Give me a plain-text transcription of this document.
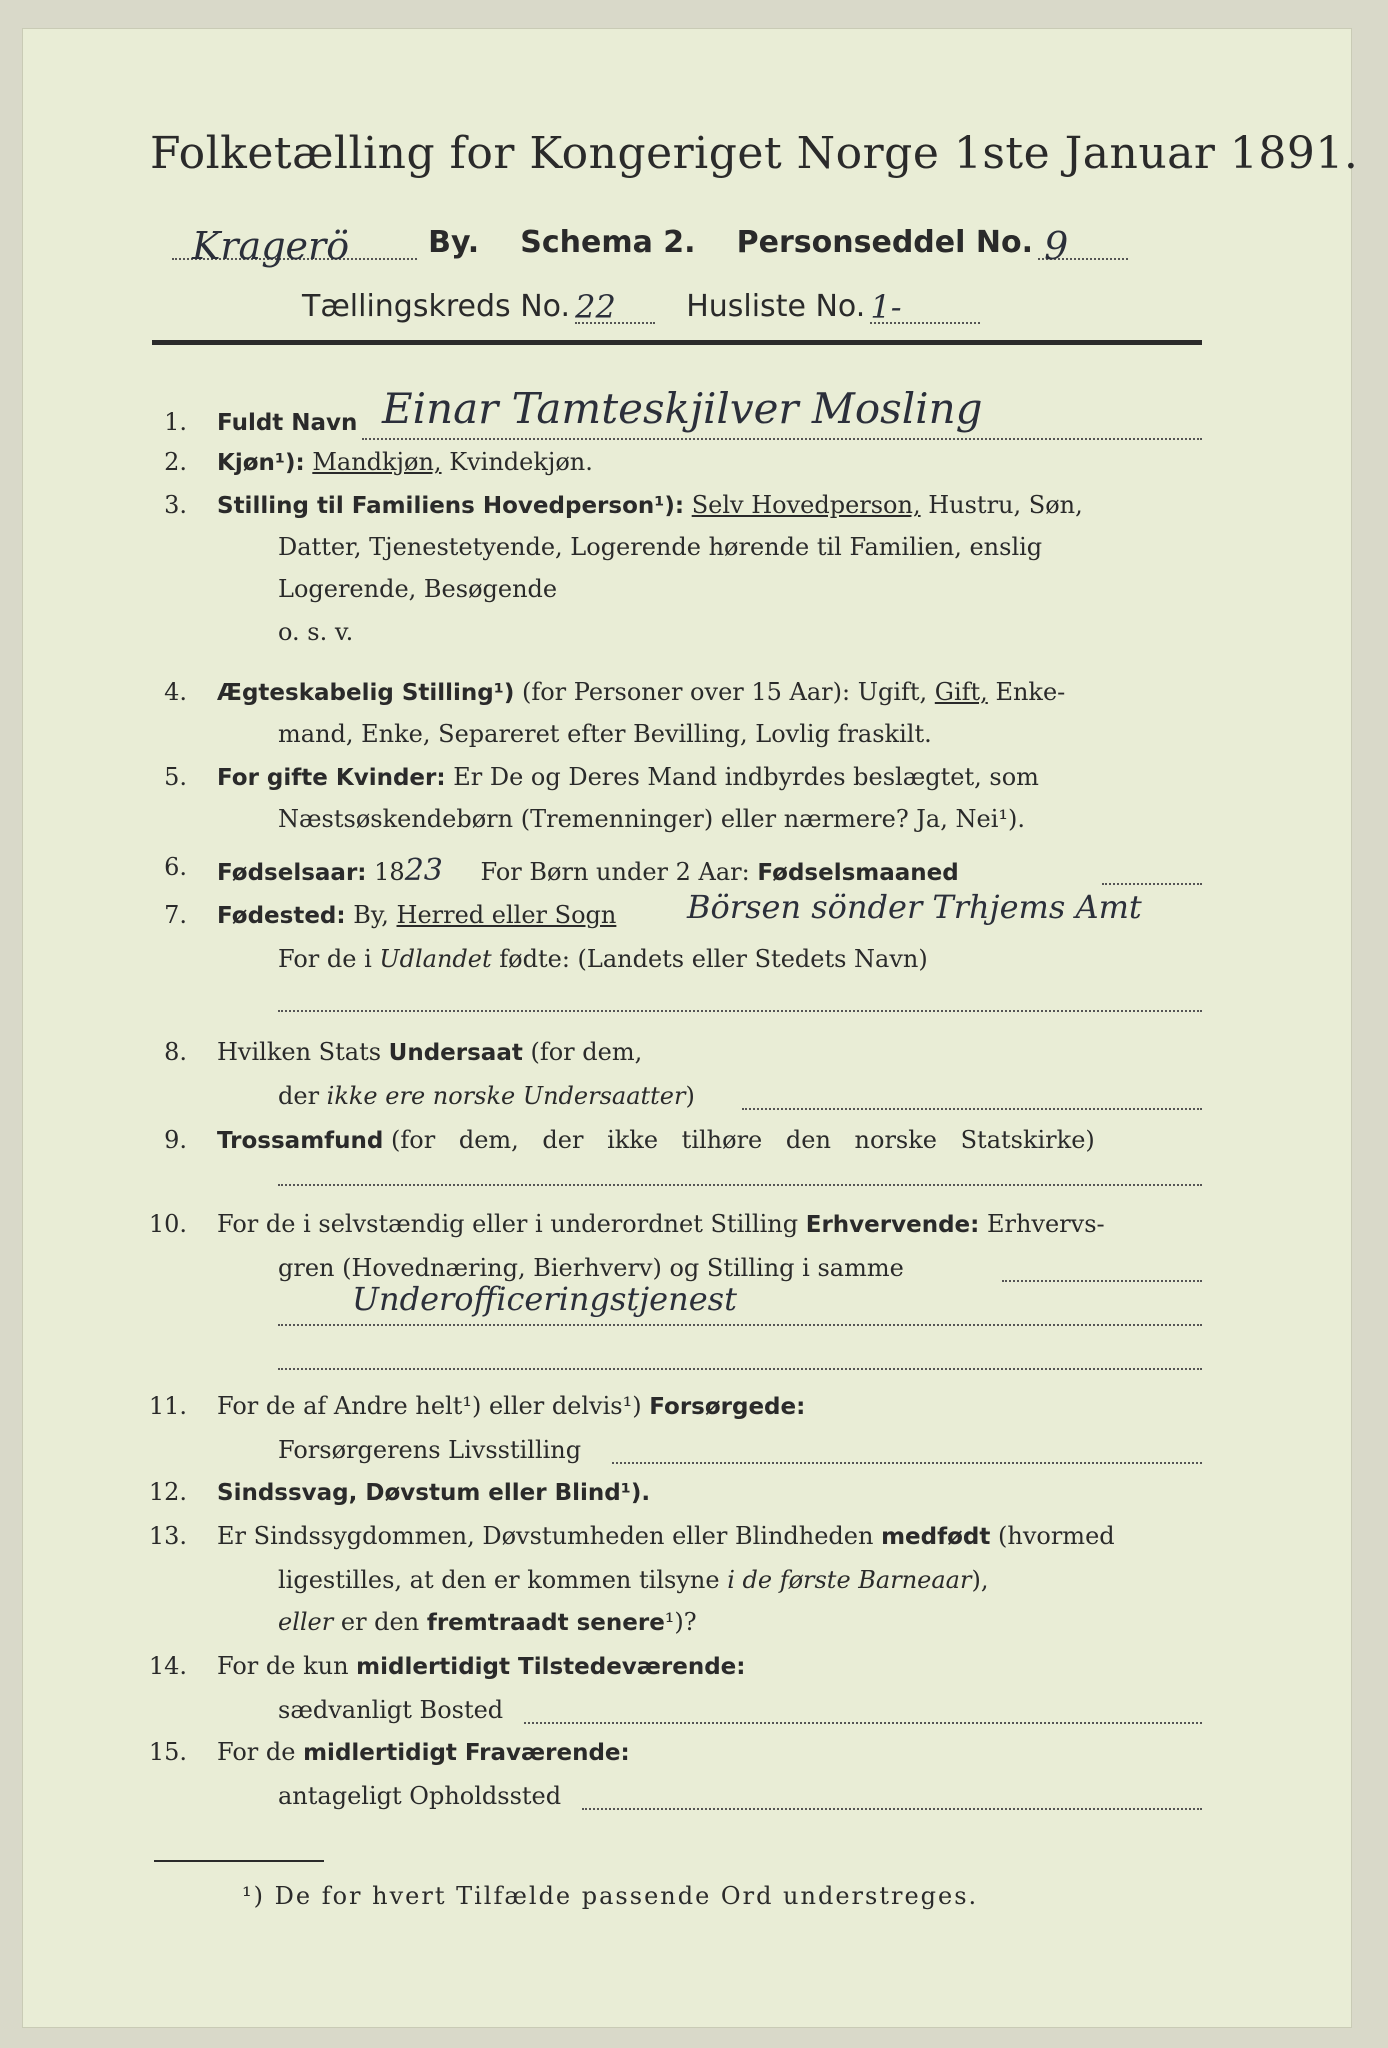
Folketælling for Kongeriget Norge 1ste Januar 1891.
Kragerö	By. Schema 2. Personseddel No. 9
Tællingskreds No. 22 Husliste No. 1-
1. Fuldt Navn Einar Tamteskjilver Mosling
2. Kjøn¹): Mandkjøn, Kvindekjøn.
3. Stilling til Familiens Hovedperson¹): Selv Hovedperson, Hustru, Søn,
Datter, Tjenestetyende, Logerende hørende til Familien, enslig
Logerende, Besøgende
o. s. v.
4. Ægteskabelig Stilling¹) (for Personer over 15 Aar): Ugift, Gift, Enke-
mand, Enke, Separeret efter Bevilling, Lovlig fraskilt.
5. For gifte Kvinder: Er De og Deres Mand indbyrdes beslægtet, som
Næstsøskendebørn (Tremenninger) eller nærmere? Ja, Nei¹).
6. Fødselsaar: 1823 For Børn under 2 Aar: Fødselsmaaned
7. Fødested: By, Herred eller Sogn Börsen sönder Trhjems Amt
For de i Udlandet fødte: (Landets eller Stedets Navn)
8. Hvilken Stats Undersaat (for dem,
der ikke ere norske Undersaatter)
9. Trossamfund (for dem, der ikke tilhøre den norske Statskirke)
10. For de i selvstændig eller i underordnet Stilling Erhvervende: Erhvervs-
gren (Hovednæring, Bierhverv) og Stilling i samme
Underofficeringstjenest
11. For de af Andre helt¹) eller delvis¹) Forsørgede:
Forsørgerens Livsstilling
12. Sindssvag, Døvstum eller Blind¹).
13. Er Sindssygdommen, Døvstumheden eller Blindheden medfødt (hvormed
ligestilles, at den er kommen tilsyne i de første Barneaar),
eller er den fremtraadt senere¹)?
14. For de kun midlertidigt Tilstedeværende:
sædvanligt Bosted
15. For de midlertidigt Fraværende:
antageligt Opholdssted
¹) De for hvert Tilfælde passende Ord understreges.
